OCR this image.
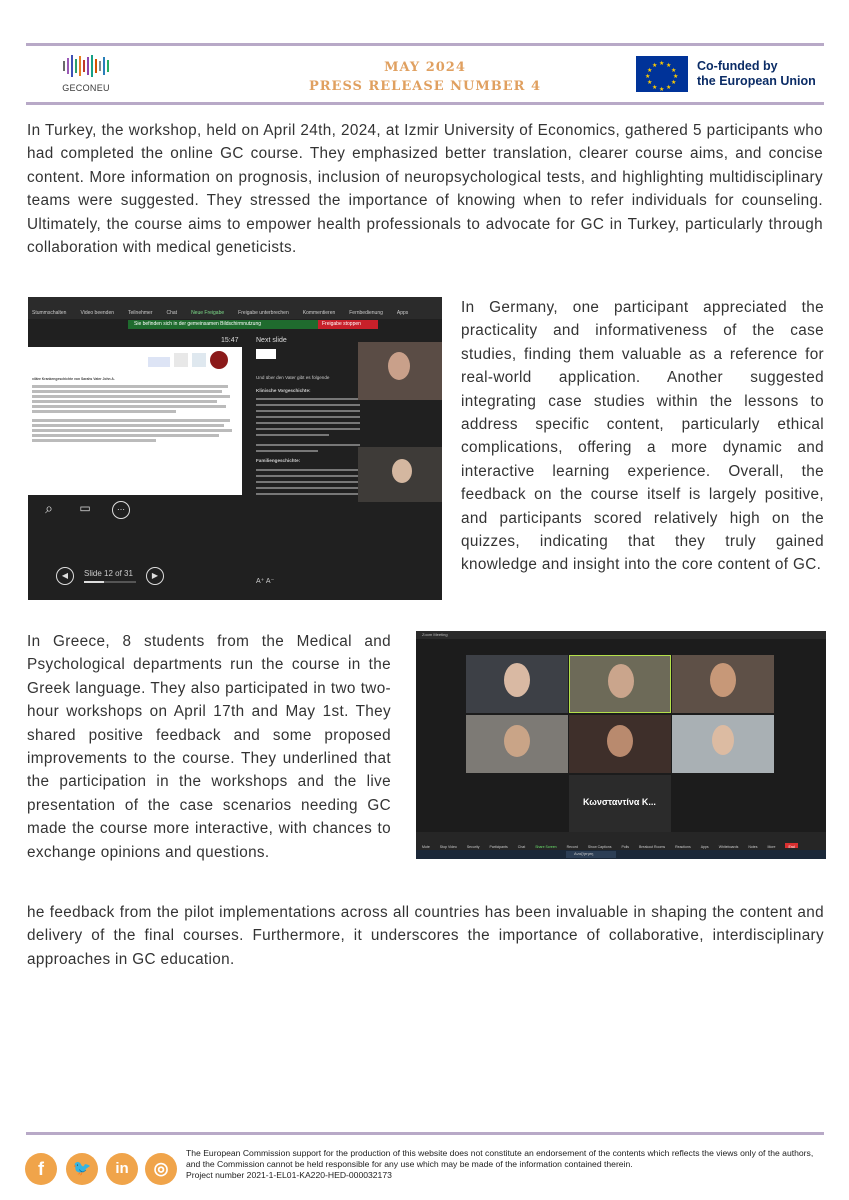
GECONEU
MAY 2024
PRESS RELEASE NUMBER 4
★ ★
★
★
★
★
★
★
★
★
★
★	Co-funded by
the European Union

In Turkey, the workshop, held on April 24th, 2024, at Izmir University of Economics, gathered 5 participants who had completed the online GC course. They emphasized better translation, clearer course aims, and concise content. More information on prognosis, inclusion of neuropsychological tests, and highlighting multidisciplinary teams were suggested. They stressed the importance of knowing when to refer individuals for counseling. Ultimately, the course aims to empower health professionals to advocate for GC in Turkey, particularly through collaboration with medical geneticists.

Stummschalten	Video beenden	Teilnehmer	Chat	Neue Freigabe	Freigabe unterbrechen	Kommentieren	Fernbedienung	Apps
Sie befinden sich in der gemeinsamen Bildschirmnutzung	Freigabe stoppen
xiläre Krankengeschichte von Sarahs Vater John A.
15:47 Next slide
Und über den Vater gibt es folgende
Klinische Vorgeschichte:
Familiengeschichte:
⌕	▭	⋯
◀	Slide 12 of 31	▶
A⁺ A⁻

In Germany, one participant appreciated the practicality and informativeness of the case studies, finding them valuable as a reference for real-world application. Another suggested integrating case studies within the lessons to address specific content, particularly ethical complications, offering a more dynamic and interactive learning experience. Overall, the feedback on the course itself is largely positive, and participants scored relatively high on the quizzes, indicating that they truly gained knowledge and insight into the core content of GC.

In Greece, 8 students from the Medical and Psychological departments run the course in the Greek language. They also participated in two two-hour workshops on April 17th and May 1st. They shared positive feedback and some proposed improvements to the course. They underlined that the participation in the workshops and the live presentation of the case scenarios needing GC made the course more interactive, with chances to exchange opinions and questions.

Zoom Meeting
Κωνσταντίνα Κ...
Mute	Stop Video	Security	Participants	Chat	Share Screen	Record	Show Captions	Polls	Breakout Rooms	Reactions	Apps	Whiteboards	Notes	More	End
Αναζήτηση

he feedback from the pilot implementations across all countries has been invaluable in shaping the content and delivery of the final courses. Furthermore, it underscores the importance of collaborative, interdisciplinary approaches in GC education.

f	🐦	in	◎
The European Commission support for the production of this website does not constitute an endorsement of the contents which reflects the views only of the authors, and the Commission cannot be held responsible for any use which may be made of the information contained therein.
Project number 2021-1-EL01-KA220-HED-000032173
